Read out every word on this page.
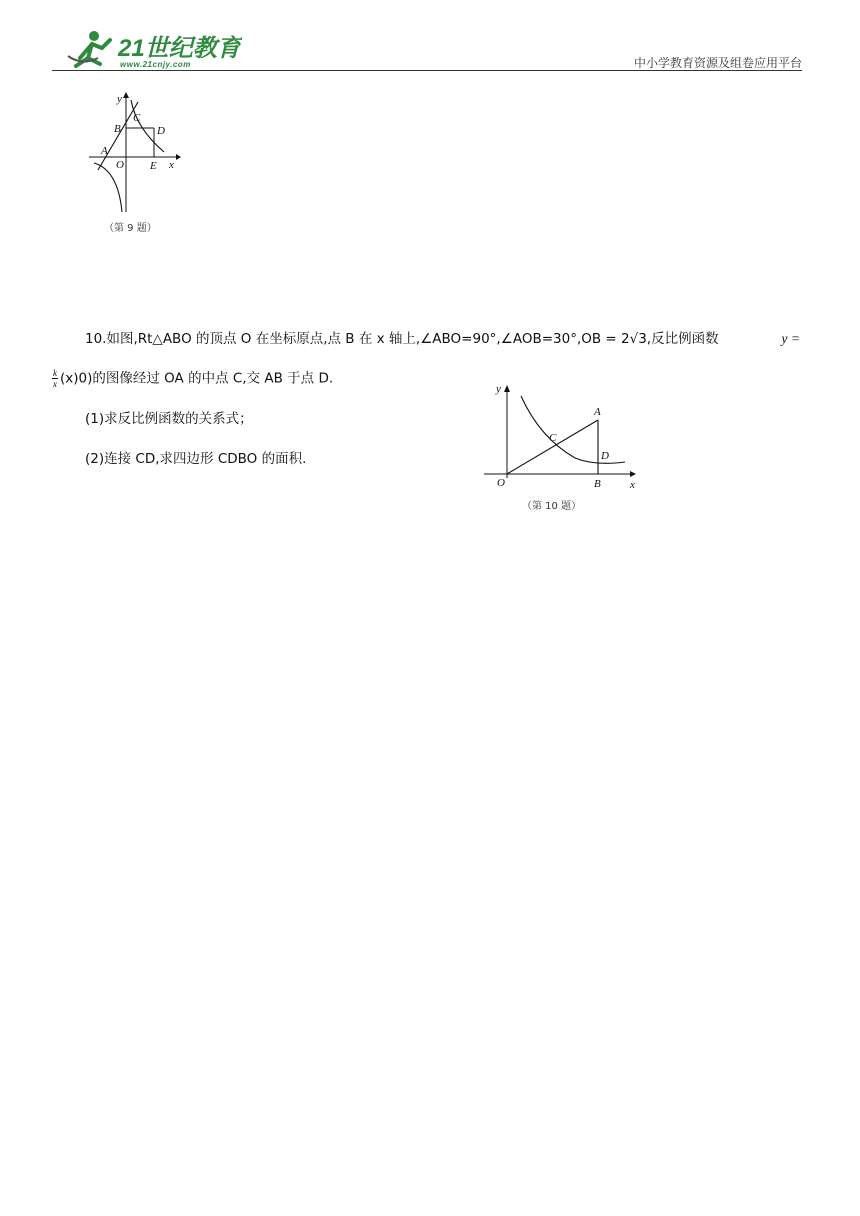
21世纪教育
www.21cnjy.com	中小学教育资源及组卷应用平台
y
x
B
C
D
A
O E
（第 9 题）
10.如图,Rt△ABO 的顶点 O 在坐标原点,点 B 在 x 轴上,∠ABO=90°,∠AOB=30°,OB = 2√3,反比例函数	y =
$\frac{k}{x} (x)0$)的图像经过 OA 的中点 C,交 AB 于点 D.
(1)求反比例函数的关系式；
(2)连接 CD,求四边形 CDBO 的面积.
y
x
A
C
D
O	B
（第 10 题）
